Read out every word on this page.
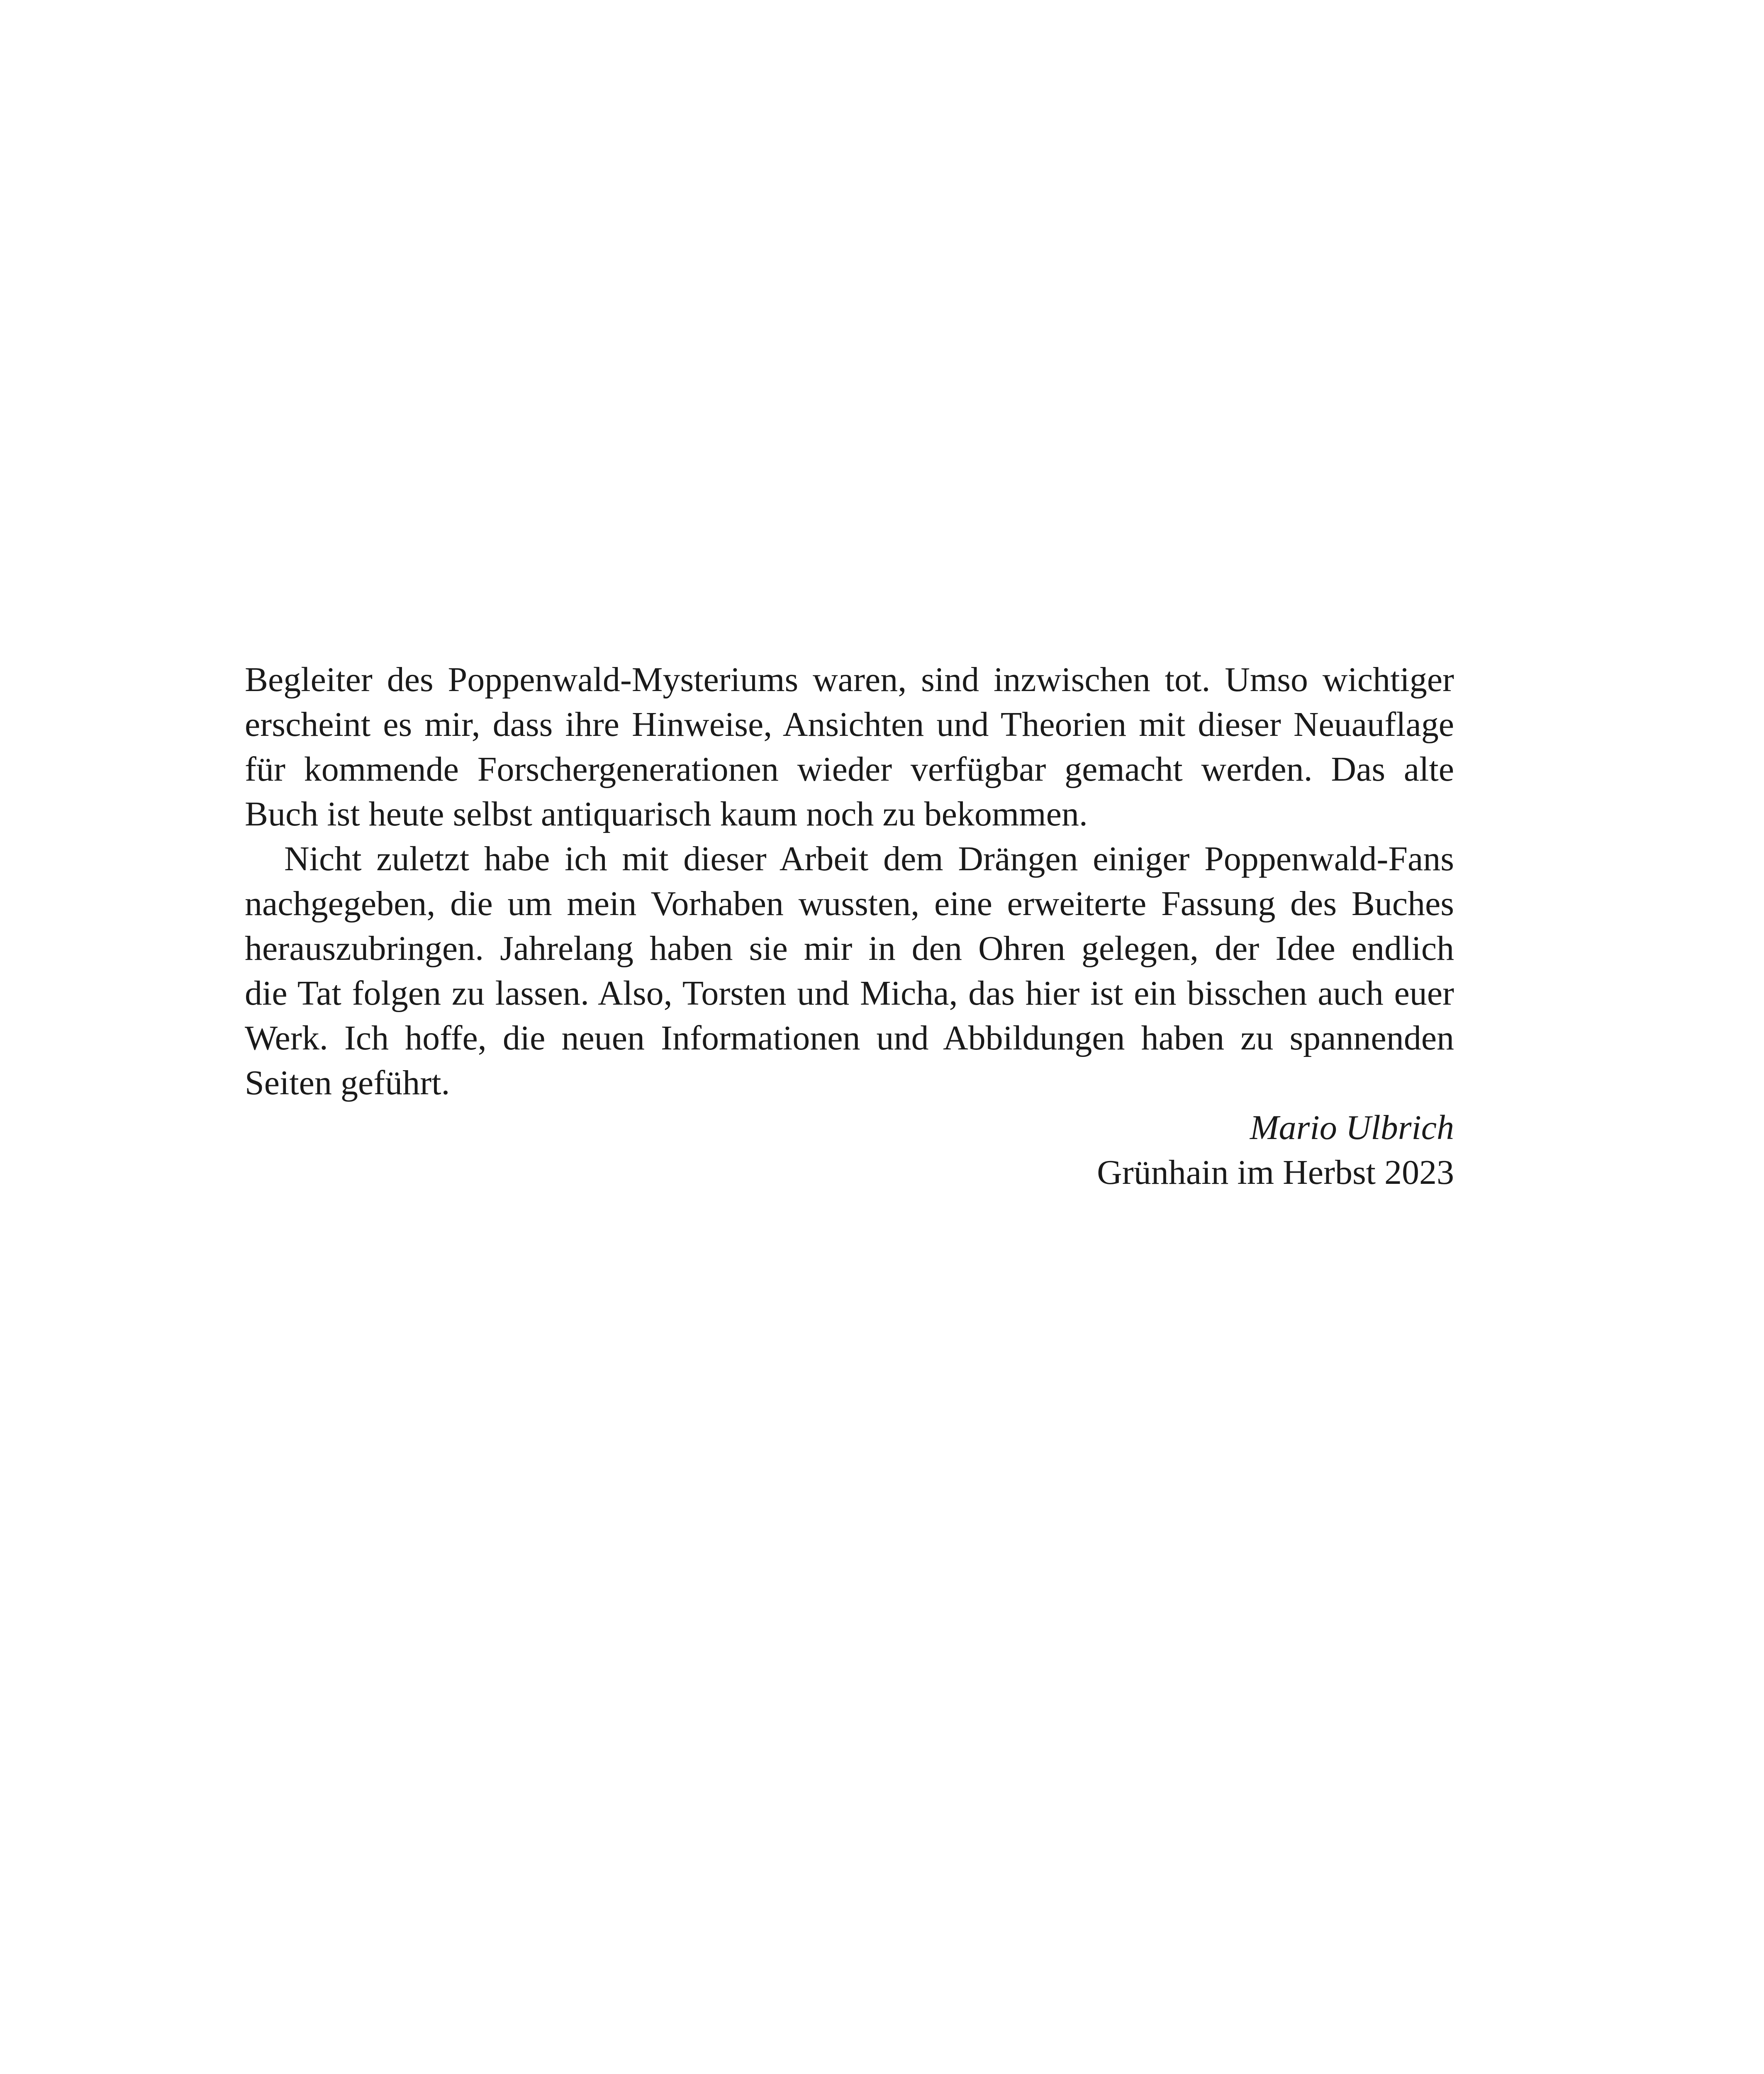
Begleiter des Poppenwald-Mysteriums waren, sind inzwischen tot. Umso wichtiger
erscheint es mir, dass ihre Hinweise, Ansichten und Theorien mit dieser Neuauflage
für kommende Forschergenerationen wieder verfügbar gemacht werden. Das alte
Buch ist heute selbst antiquarisch kaum noch zu bekommen.

Nicht zuletzt habe ich mit dieser Arbeit dem Drängen einiger Poppenwald-Fans
nachgegeben, die um mein Vorhaben wussten, eine erweiterte Fassung des Buches
herauszubringen. Jahrelang haben sie mir in den Ohren gelegen, der Idee endlich
die Tat folgen zu lassen. Also, Torsten und Micha, das hier ist ein bisschen auch euer
Werk. Ich hoffe, die neuen Informationen und Abbildungen haben zu spannenden
Seiten geführt.

Mario Ulbrich
Grünhain im Herbst 2023
